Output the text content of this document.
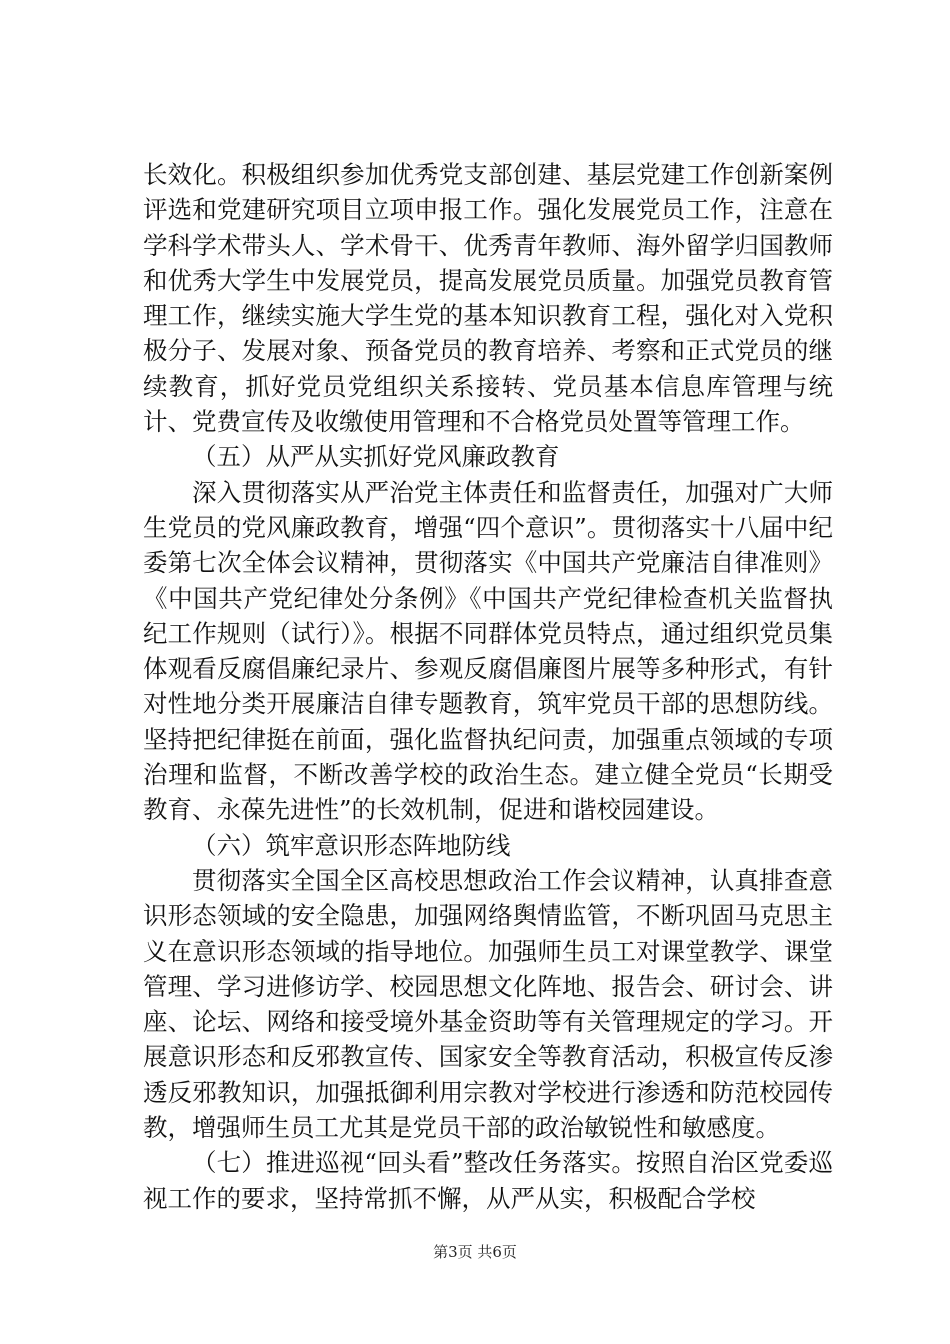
长效化。积极组织参加优秀党支部创建、基层党建工作创新案例评选和党建研究项目立项申报工作。强化发展党员工作，注意在学科学术带头人、学术骨干、优秀青年教师、海外留学归国教师和优秀大学生中发展党员，提高发展党员质量。加强党员教育管理工作，继续实施大学生党的基本知识教育工程，强化对入党积极分子、发展对象、预备党员的教育培养、考察和正式党员的继续教育，抓好党员党组织关系接转、党员基本信息库管理与统计、党费宣传及收缴使用管理和不合格党员处置等管理工作。

（五）从严从实抓好党风廉政教育

深入贯彻落实从严治党主体责任和监督责任，加强对广大师生党员的党风廉政教育，增强“四个意识”。贯彻落实十八届中纪委第七次全体会议精神，贯彻落实《中国共产党廉洁自律准则》《中国共产党纪律处分条例》《中国共产党纪律检查机关监督执纪工作规则（试行）》。根据不同群体党员特点，通过组织党员集体观看反腐倡廉纪录片、参观反腐倡廉图片展等多种形式，有针对性地分类开展廉洁自律专题教育，筑牢党员干部的思想防线。坚持把纪律挺在前面，强化监督执纪问责，加强重点领域的专项治理和监督，不断改善学校的政治生态。建立健全党员“长期受教育、永葆先进性”的长效机制，促进和谐校园建设。

（六）筑牢意识形态阵地防线

贯彻落实全国全区高校思想政治工作会议精神，认真排查意识形态领域的安全隐患，加强网络舆情监管，不断巩固马克思主义在意识形态领域的指导地位。加强师生员工对课堂教学、课堂管理、学习进修访学、校园思想文化阵地、报告会、研讨会、讲座、论坛、网络和接受境外基金资助等有关管理规定的学习。开展意识形态和反邪教宣传、国家安全等教育活动，积极宣传反渗透反邪教知识，加强抵御利用宗教对学校进行渗透和防范校园传教，增强师生员工尤其是党员干部的政治敏锐性和敏感度。

（七）推进巡视“回头看”整改任务落实。按照自治区党委巡视工作的要求，坚持常抓不懈，从严从实，积极配合学校

第3页 共6页
